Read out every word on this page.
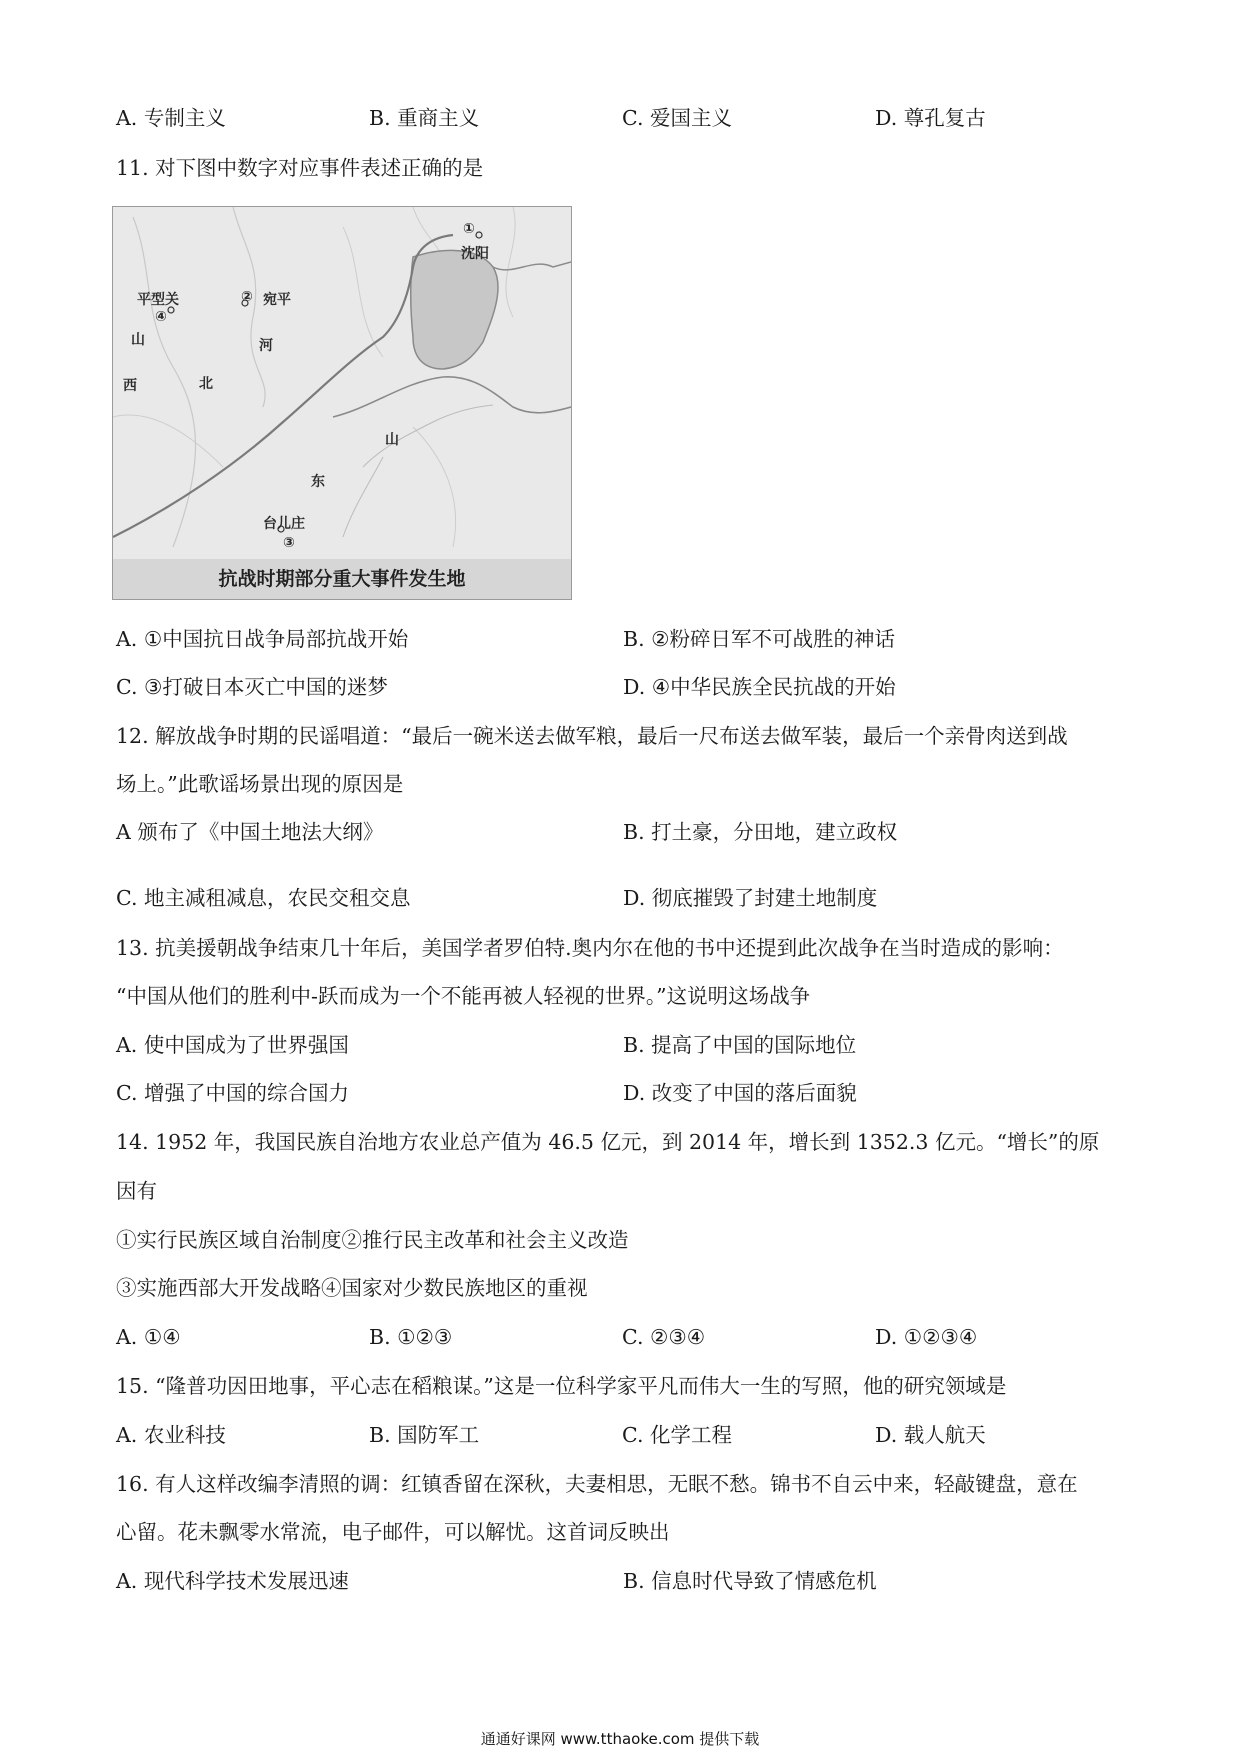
A. 专制主义	B. 重商主义	C. 爱国主义	D. 尊孔复古
11. 对下图中数字对应事件表述正确的是
①
沈阳
② 宛平
平型关
④
山
西
河
北
山
东
台儿庄
③
抗战时期部分重大事件发生地
A. ①中国抗日战争局部抗战开始	B. ②粉碎日军不可战胜的神话
C. ③打破日本灭亡中国的迷梦	D. ④中华民族全民抗战的开始
12. 解放战争时期的民谣唱道：“最后一碗米送去做军粮，最后一尺布送去做军装，最后一个亲骨肉送到战
场上。”此歌谣场景出现的原因是
A 颁布了《中国土地法大纲》	B. 打土豪，分田地，建立政权
C. 地主减租减息，农民交租交息	D. 彻底摧毁了封建土地制度
13. 抗美援朝战争结束几十年后，美国学者罗伯特.奥内尔在他的书中还提到此次战争在当时造成的影响：
“中国从他们的胜利中-跃而成为一个不能再被人轻视的世界。”这说明这场战争
A. 使中国成为了世界强国	B. 提高了中国的国际地位
C. 增强了中国的综合国力	D. 改变了中国的落后面貌
14. 1952 年，我国民族自治地方农业总产值为 46.5 亿元，到 2014 年，增长到 1352.3 亿元。“增长”的原
因有
①实行民族区域自治制度②推行民主改革和社会主义改造
③实施西部大开发战略④国家对少数民族地区的重视
A. ①④	B. ①②③	C. ②③④	D. ①②③④
15. “隆普功因田地事，平心志在稻粮谋。”这是一位科学家平凡而伟大一生的写照，他的研究领域是
A. 农业科技	B. 国防军工	C. 化学工程	D. 载人航天
16. 有人这样改编李清照的调：红镇香留在深秋，夫妻相思，无眠不愁。锦书不自云中来，轻敲键盘，意在
心留。花未飘零水常流，电子邮件，可以解忧。这首词反映出
A. 现代科学技术发展迅速	B. 信息时代导致了情感危机
通通好课网 www.tthaoke.com 提供下载
